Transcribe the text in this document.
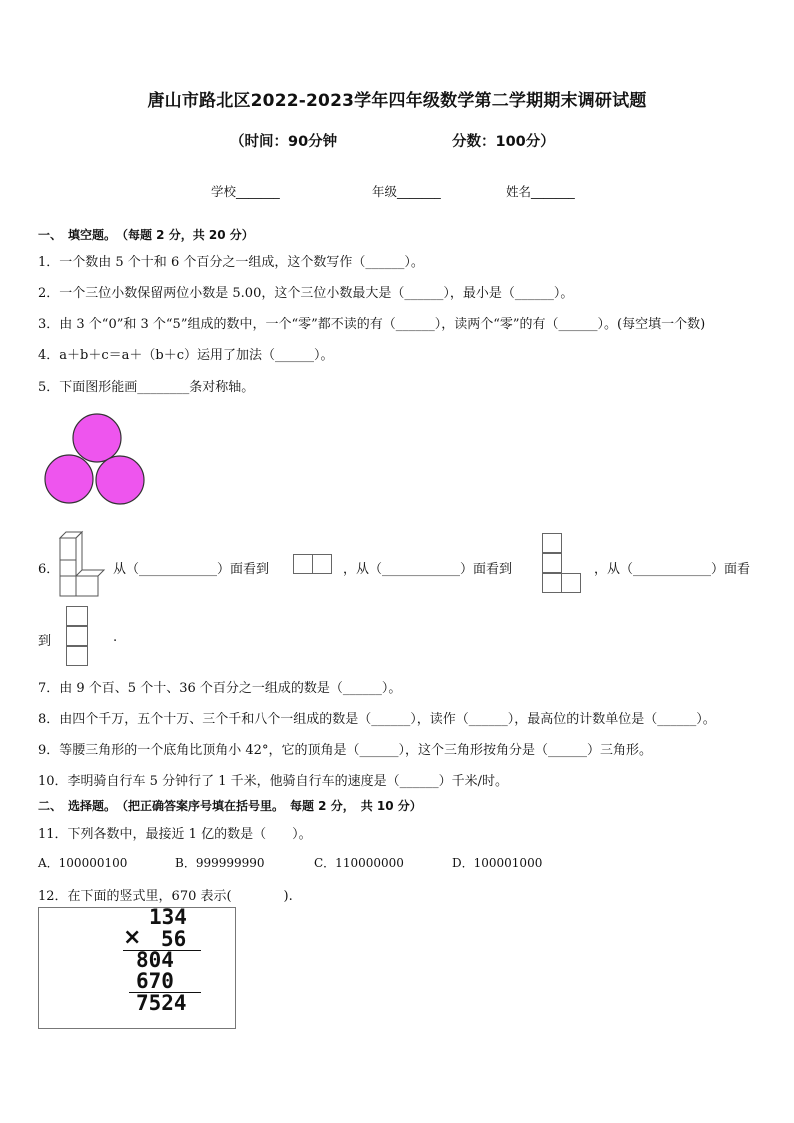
唐山市路北区2022-2023学年四年级数学第二学期期末调研试题
（时间：90分钟	分数：100分）
学校_______	年级_______	姓名_______
一、　填空题。　（每题 2 分，共 20 分）
1．一个数由 5 个十和 6 个百分之一组成，这个数写作（______）。
2．一个三位小数保留两位小数是 5.00，这个三位小数最大是（______），最小是（______）。
3．由 3 个“0”和 3 个“5”组成的数中，一个“零”都不读的有（______），读两个“零”的有（______）。(每空填一个数)
4．a＋b＋c＝a＋（b＋c）运用了加法（______）。
5．下面图形能画________条对称轴。
6．	从（____________）面看到	，从（____________）面看到	，从（____________）面看
到	.
7．由 9 个百、5 个十、36 个百分之一组成的数是（______）。
8．由四个千万，五个十万、三个千和八个一组成的数是（______），读作（______），最高位的计数单位是（______）。
9．等腰三角形的一个底角比顶角小 42°，它的顶角是（______），这个三角形按角分是（______）三角形。
10．李明骑自行车 5 分钟行了 1 千米，他骑自行车的速度是（______）千米/时。
二、　选择题。　（把正确答案序号填在括号里。　每题 2 分，　共 10 分）
11．下列各数中，最接近 1 亿的数是（　　）。
A．100000100	B．999999990	C．110000000	D．100001000
12．在下面的竖式里，670 表示(　　　　).
134
× 56
804
670
7524
